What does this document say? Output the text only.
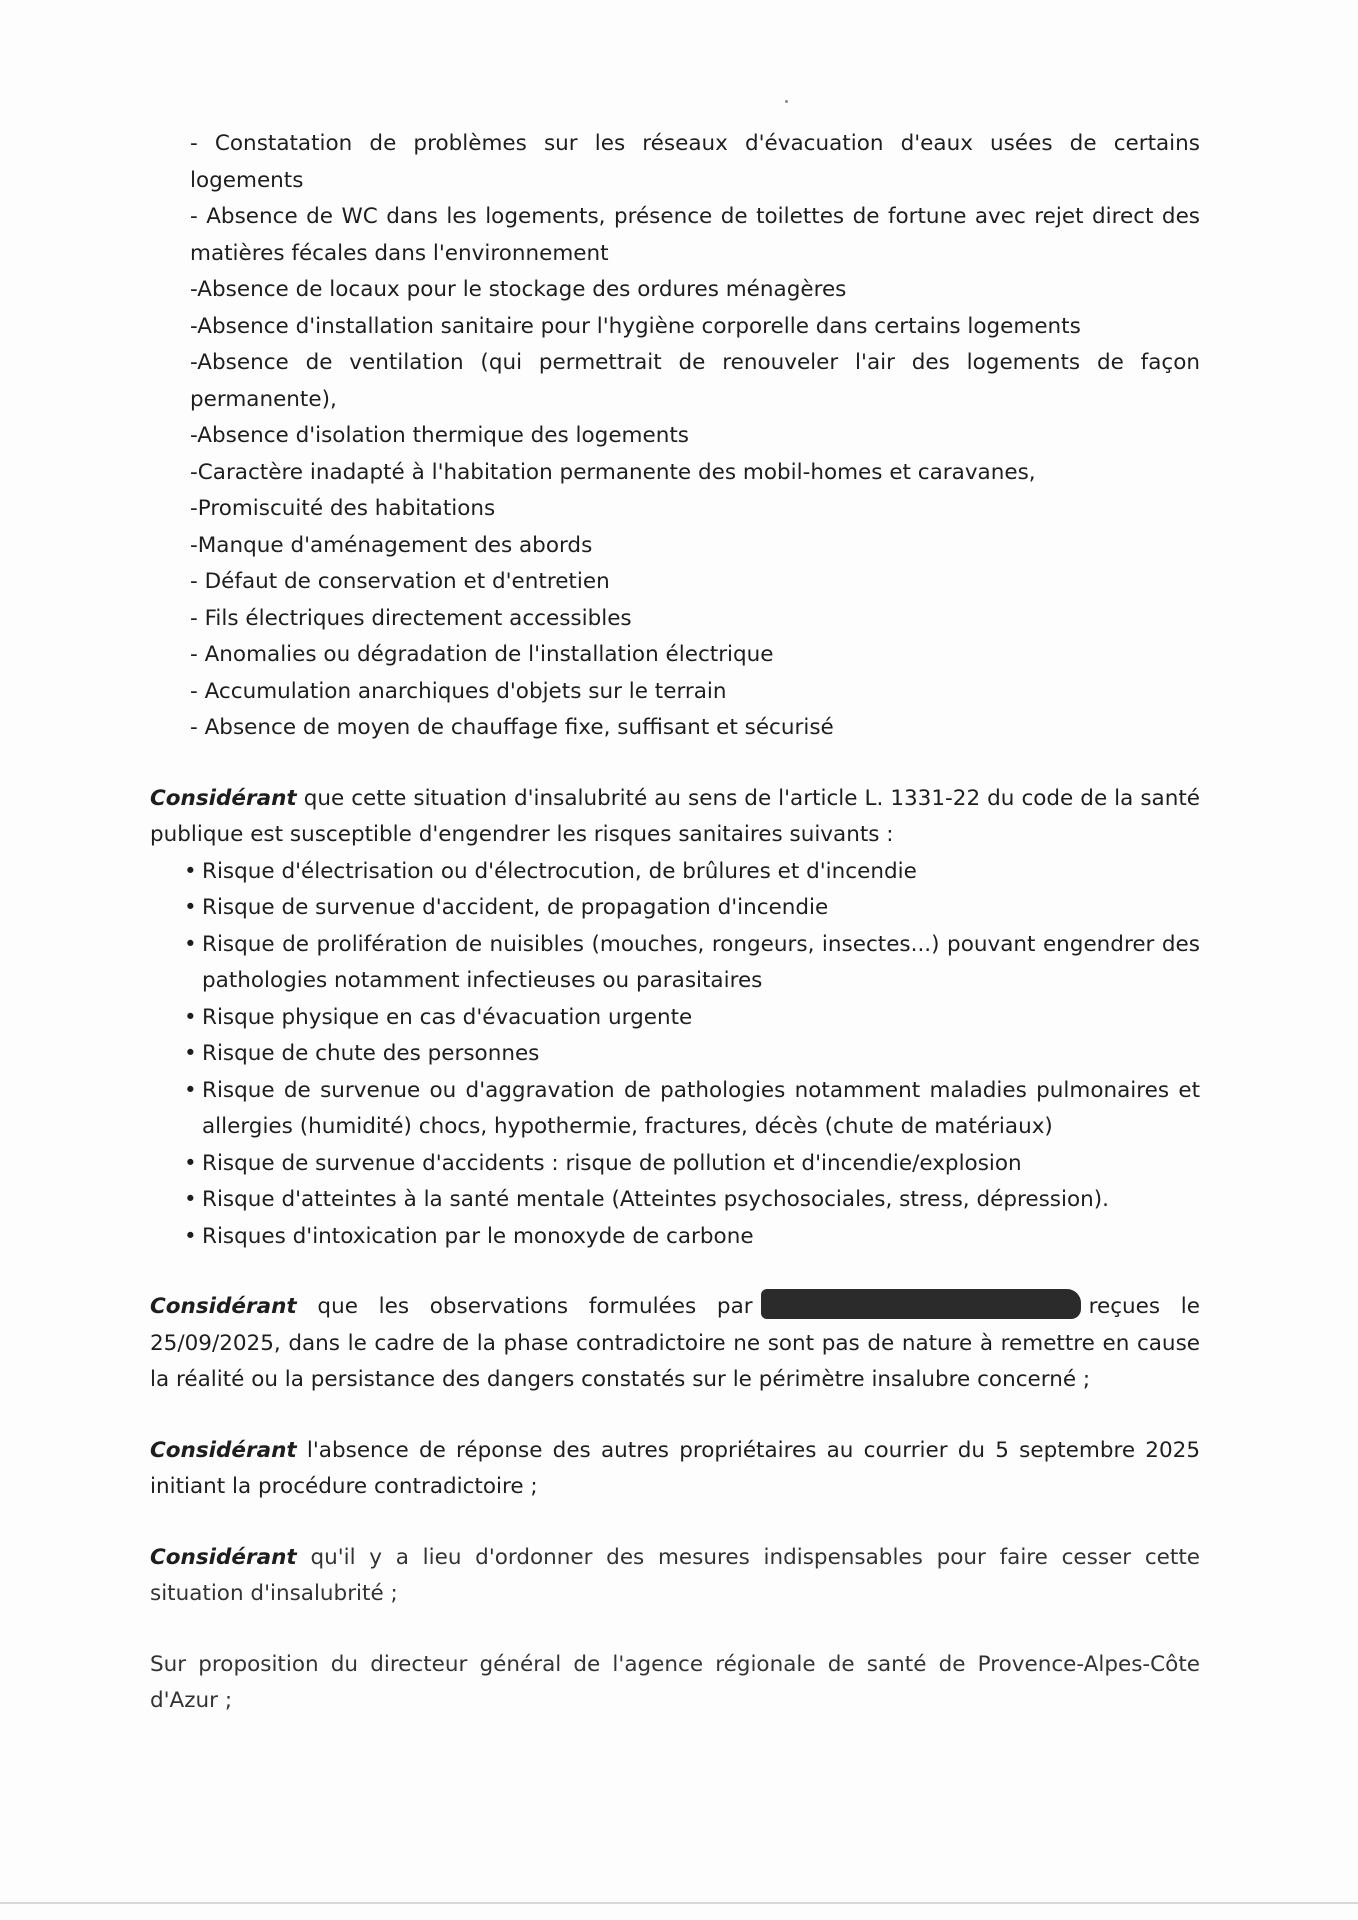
- Constatation de problèmes sur les réseaux d'évacuation d'eaux usées de certains logements
- Absence de WC dans les logements, présence de toilettes de fortune avec rejet direct des matières fécales dans l'environnement
-Absence de locaux pour le stockage des ordures ménagères
-Absence d'installation sanitaire pour l'hygiène corporelle dans certains logements
-Absence de ventilation (qui permettrait de renouveler l'air des logements de façon permanente),
-Absence d'isolation thermique des logements
-Caractère inadapté à l'habitation permanente des mobil-homes et caravanes,
-Promiscuité des habitations
-Manque d'aménagement des abords
- Défaut de conservation et d'entretien
- Fils électriques directement accessibles
- Anomalies ou dégradation de l'installation électrique
- Accumulation anarchiques d'objets sur le terrain
- Absence de moyen de chauffage fixe, suffisant et sécurisé
Considérant que cette situation d'insalubrité au sens de l'article L. 1331-22 du code de la santé publique est susceptible d'engendrer les risques sanitaires suivants :
• Risque d'électrisation ou d'électrocution, de brûlures et d'incendie
• Risque de survenue d'accident, de propagation d'incendie
• Risque de prolifération de nuisibles (mouches, rongeurs, insectes...) pouvant engendrer des pathologies notamment infectieuses ou parasitaires
• Risque physique en cas d'évacuation urgente
• Risque de chute des personnes
• Risque de survenue ou d'aggravation de pathologies notamment maladies pulmonaires et allergies (humidité) chocs, hypothermie, fractures, décès (chute de matériaux)
• Risque de survenue d'accidents : risque de pollution et d'incendie/explosion
• Risque d'atteintes à la santé mentale (Atteintes psychosociales, stress, dépression).
• Risques d'intoxication par le monoxyde de carbone
Considérant que les observations formulées par	reçues le 25/09/2025, dans le cadre de la phase contradictoire ne sont pas de nature à remettre en cause la réalité ou la persistance des dangers constatés sur le périmètre insalubre concerné ;
Considérant l'absence de réponse des autres propriétaires au courrier du 5 septembre 2025 initiant la procédure contradictoire ;
Considérant qu'il y a lieu d'ordonner des mesures indispensables pour faire cesser cette situation d'insalubrité ;
Sur proposition du directeur général de l'agence régionale de santé de Provence-Alpes-Côte d'Azur ;
